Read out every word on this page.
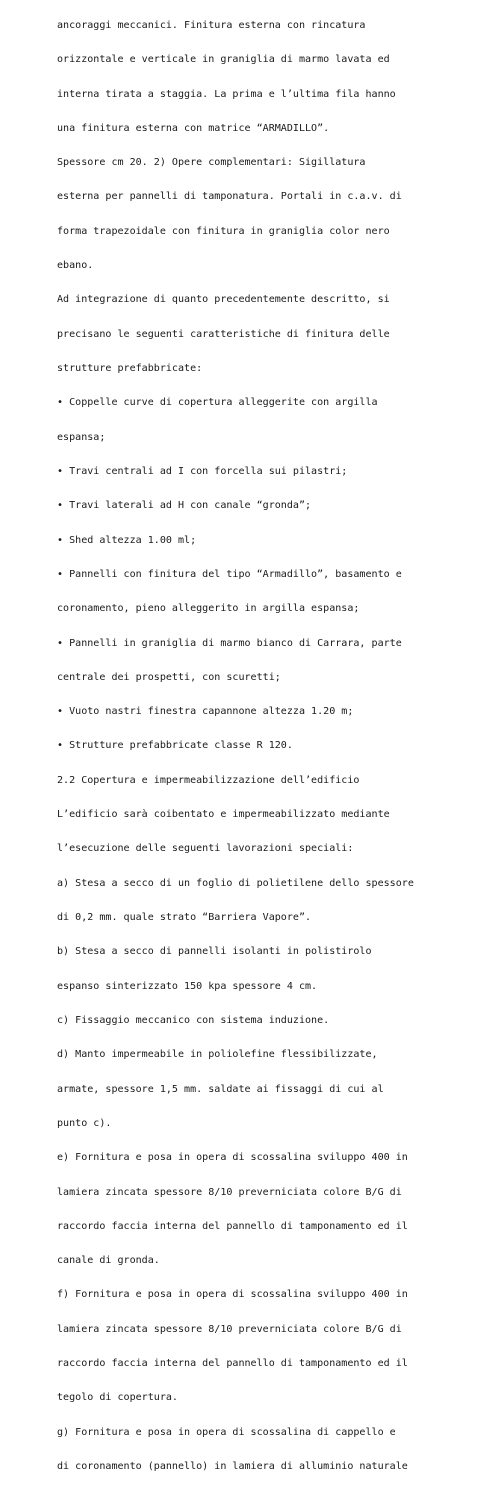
ancoraggi meccanici. Finitura esterna con rincatura

orizzontale e verticale in graniglia di marmo lavata ed

interna tirata a staggia. La prima e l’ultima fila hanno

una finitura esterna con matrice “ARMADILLO”.

Spessore cm 20. 2) Opere complementari: Sigillatura

esterna per pannelli di tamponatura. Portali in c.a.v. di

forma trapezoidale con finitura in graniglia color nero

ebano.

Ad integrazione di quanto precedentemente descritto, si

precisano le seguenti caratteristiche di finitura delle

strutture prefabbricate:

• Coppelle curve di copertura alleggerite con argilla

espansa;

• Travi centrali ad I con forcella sui pilastri;

• Travi laterali ad H con canale “gronda”;

• Shed altezza 1.00 ml;

• Pannelli con finitura del tipo “Armadillo”, basamento e

coronamento, pieno alleggerito in argilla espansa;

• Pannelli in graniglia di marmo bianco di Carrara, parte

centrale dei prospetti, con scuretti;

• Vuoto nastri finestra capannone altezza 1.20 m;

• Strutture prefabbricate classe R 120.

2.2 Copertura e impermeabilizzazione dell’edificio

L’edificio sarà coibentato e impermeabilizzato mediante

l’esecuzione delle seguenti lavorazioni speciali:

a) Stesa a secco di un foglio di polietilene dello spessore

di 0,2 mm. quale strato “Barriera Vapore”.

b) Stesa a secco di pannelli isolanti in polistirolo

espanso sinterizzato 150 kpa spessore 4 cm.

c) Fissaggio meccanico con sistema induzione.

d) Manto impermeabile in poliolefine flessibilizzate,

armate, spessore 1,5 mm. saldate ai fissaggi di cui al

punto c).

e) Fornitura e posa in opera di scossalina sviluppo 400 in

lamiera zincata spessore 8/10 preverniciata colore B/G di

raccordo faccia interna del pannello di tamponamento ed il

canale di gronda.

f) Fornitura e posa in opera di scossalina sviluppo 400 in

lamiera zincata spessore 8/10 preverniciata colore B/G di

raccordo faccia interna del pannello di tamponamento ed il

tegolo di copertura.

g) Fornitura e posa in opera di scossalina di cappello e

di coronamento (pannello) in lamiera di alluminio naturale
